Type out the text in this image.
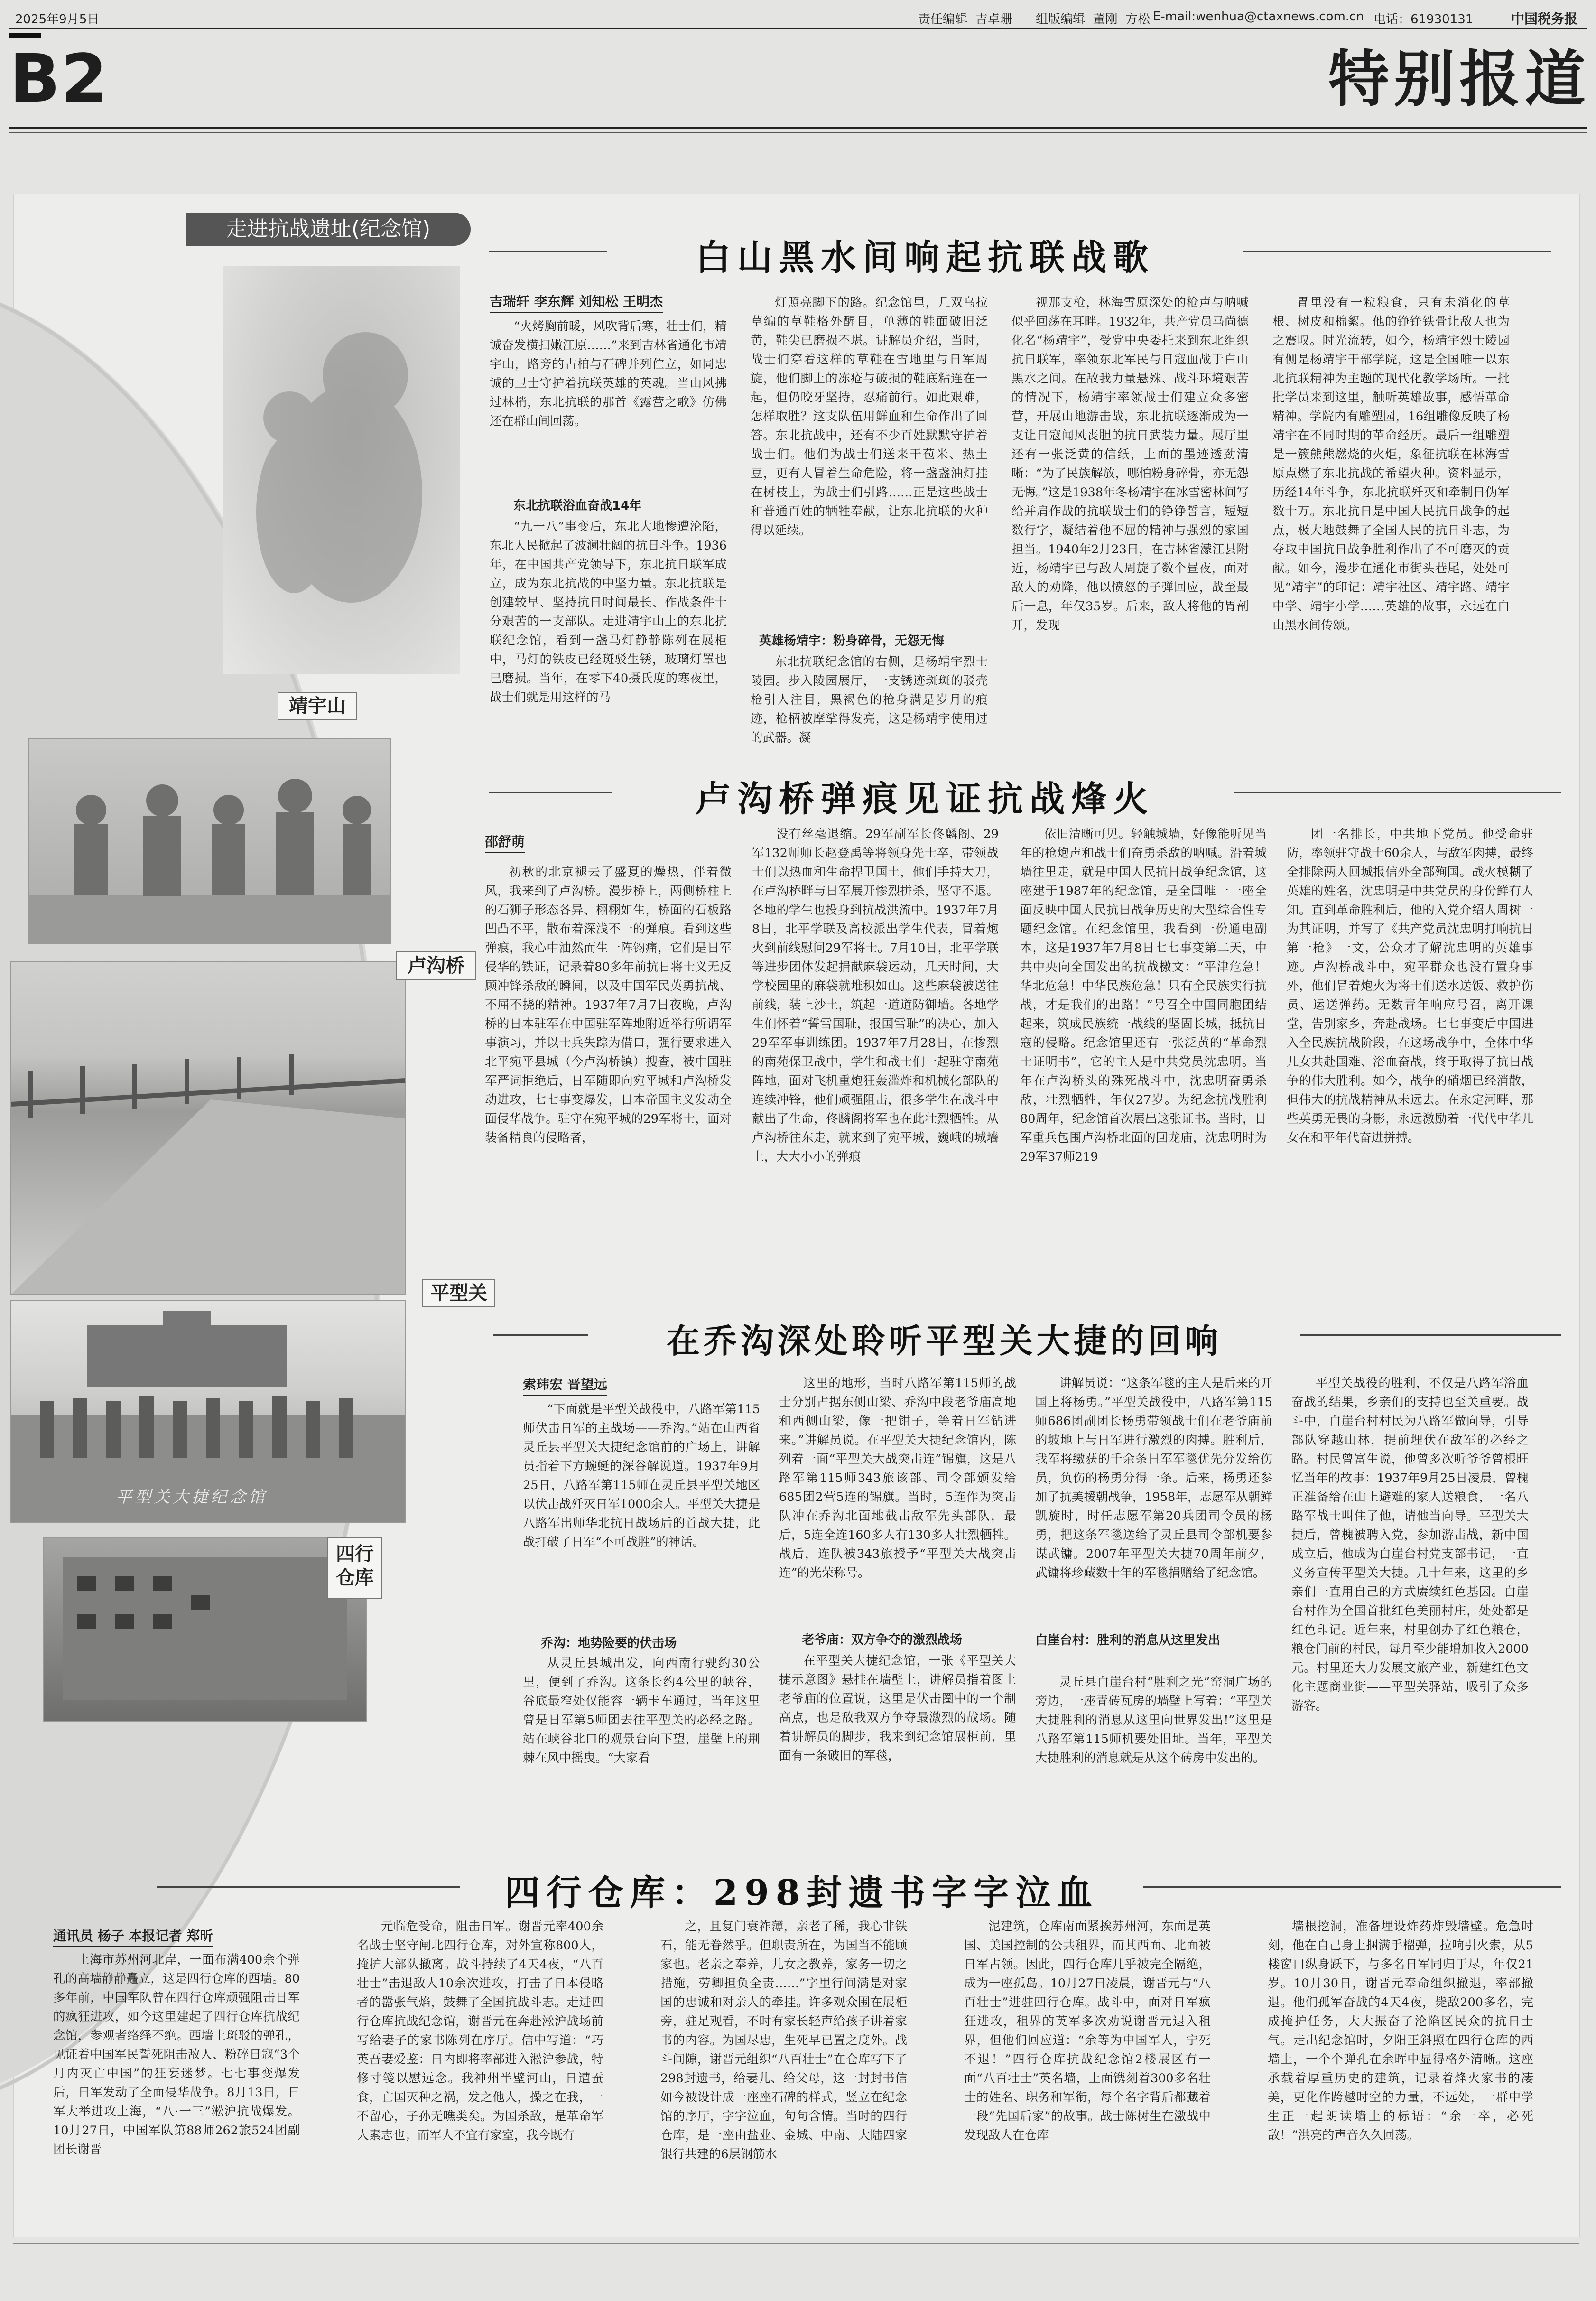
2025年9月5日	责任编辑  吉卓珊      组版编辑  董刚  方松 E-mail:wenhua@ctaxnews.com.cn 电话：61930131	中国税务报
B2	特别报道
平型关大捷纪念馆
靖宇山
卢沟桥
平型关
四行仓库
走进抗战遗址(纪念馆)
白山黑水间响起抗联战歌
吉瑞轩 李东辉 刘知松 王明杰

“火烤胸前暖，风吹背后寒，壮士们，精诚奋发横扫嫩江原……”来到吉林省通化市靖宇山，路旁的古柏与石碑并列伫立，如同忠诚的卫士守护着抗联英雄的英魂。当山风拂过林梢，东北抗联的那首《露营之歌》仿佛还在群山间回荡。

东北抗联浴血奋战14年

“九一八”事变后，东北大地惨遭沦陷，东北人民掀起了波澜壮阔的抗日斗争。1936年，在中国共产党领导下，东北抗日联军成立，成为东北抗战的中坚力量。东北抗联是创建较早、坚持抗日时间最长、作战条件十分艰苦的一支部队。走进靖宇山上的东北抗联纪念馆，看到一盏马灯静静陈列在展柜中，马灯的铁皮已经斑驳生锈，玻璃灯罩也已磨损。当年，在零下40摄氏度的寒夜里，战士们就是用这样的马

灯照亮脚下的路。纪念馆里，几双乌拉草编的草鞋格外醒目，单薄的鞋面破旧泛黄，鞋尖已磨损不堪。讲解员介绍，当时，战士们穿着这样的草鞋在雪地里与日军周旋，他们脚上的冻疮与破损的鞋底粘连在一起，但仍咬牙坚持，忍痛前行。如此艰难，怎样取胜？这支队伍用鲜血和生命作出了回答。东北抗战中，还有不少百姓默默守护着战士们。他们为战士们送来干苞米、热土豆，更有人冒着生命危险，将一盏盏油灯挂在树枝上，为战士们引路……正是这些战士和普通百姓的牺牲奉献，让东北抗联的火种得以延续。

英雄杨靖宇：粉身碎骨，无怨无悔

东北抗联纪念馆的右侧，是杨靖宇烈士陵园。步入陵园展厅，一支锈迹斑斑的驳壳枪引人注目，黑褐色的枪身满是岁月的痕迹，枪柄被摩挲得发亮，这是杨靖宇使用过的武器。凝

视那支枪，林海雪原深处的枪声与呐喊似乎回荡在耳畔。1932年，共产党员马尚德化名“杨靖宇”，受党中央委托来到东北组织抗日联军，率领东北军民与日寇血战于白山黑水之间。在敌我力量悬殊、战斗环境艰苦的情况下，杨靖宇率领战士们建立众多密营，开展山地游击战，东北抗联逐渐成为一支让日寇闻风丧胆的抗日武装力量。展厅里还有一张泛黄的信纸，上面的墨迹透劲清晰：“为了民族解放，哪怕粉身碎骨，亦无怨无悔。”这是1938年冬杨靖宇在冰雪密林间写给并肩作战的抗联战士们的铮铮誓言，短短数行字，凝结着他不屈的精神与强烈的家国担当。1940年2月23日，在吉林省濛江县附近，杨靖宇已与敌人周旋了数个昼夜，面对敌人的劝降，他以愤怒的子弹回应，战至最后一息，年仅35岁。后来，敌人将他的胃剖开，发现

胃里没有一粒粮食，只有未消化的草根、树皮和棉絮。他的铮铮铁骨让敌人也为之震叹。时光流转，如今，杨靖宇烈士陵园有侧是杨靖宇干部学院，这是全国唯一以东北抗联精神为主题的现代化教学场所。一批批学员来到这里，触听英雄故事，感悟革命精神。学院内有雕塑园，16组雕像反映了杨靖宇在不同时期的革命经历。最后一组雕塑是一簇熊熊燃烧的火炬，象征抗联在林海雪原点燃了东北抗战的希望火种。资料显示，历经14年斗争，东北抗联歼灭和牵制日伪军数十万。东北抗日是中国人民抗日战争的起点，极大地鼓舞了全国人民的抗日斗志，为夺取中国抗日战争胜利作出了不可磨灭的贡献。如今，漫步在通化市街头巷尾，处处可见“靖宇”的印记：靖宇社区、靖宇路、靖宇中学、靖宇小学……英雄的故事，永远在白山黑水间传颂。

卢沟桥弹痕见证抗战烽火
邵舒萌

初秋的北京褪去了盛夏的燥热，伴着微风，我来到了卢沟桥。漫步桥上，两侧桥柱上的石狮子形态各异、栩栩如生，桥面的石板路凹凸不平，散布着深浅不一的弹痕。看到这些弹痕，我心中油然而生一阵钧痛，它们是日军侵华的铁证，记录着80多年前抗日将士义无反顾冲锋杀敌的瞬间，以及中国军民英勇抗战、不屈不挠的精神。1937年7月7日夜晚，卢沟桥的日本驻军在中国驻军阵地附近举行所谓军事演习，并以士兵失踪为借口，强行要求进入北平宛平县城（今卢沟桥镇）搜查，被中国驻军严词拒绝后，日军随即向宛平城和卢沟桥发动进攻，七七事变爆发，日本帝国主义发动全面侵华战争。驻守在宛平城的29军将士，面对装备精良的侵略者，

没有丝毫退缩。29军副军长佟麟阁、29军132师师长赵登禹等将领身先士卒，带领战士们以热血和生命捍卫国土，他们手持大刀，在卢沟桥畔与日军展开惨烈拼杀，坚守不退。各地的学生也投身到抗战洪流中。1937年7月8日，北平学联及高校派出学生代表，冒着炮火到前线慰问29军将士。7月10日，北平学联等进步团体发起捐献麻袋运动，几天时间，大学校园里的麻袋就堆积如山。这些麻袋被送往前线，装上沙土，筑起一道道防御墙。各地学生们怀着“誓雪国耻，报国雪耻”的决心，加入29军军事训练团。1937年7月28日，在惨烈的南苑保卫战中，学生和战士们一起驻守南苑阵地，面对飞机重炮狂轰滥炸和机械化部队的连续冲锋，他们顽强阻击，很多学生在战斗中献出了生命，佟麟阁将军也在此壮烈牺牲。从卢沟桥往东走，就来到了宛平城，巍峨的城墙上，大大小小的弹痕

依旧清晰可见。轻触城墙，好像能听见当年的枪炮声和战士们奋勇杀敌的呐喊。沿着城墙往里走，就是中国人民抗日战争纪念馆，这座建于1987年的纪念馆，是全国唯一一座全面反映中国人民抗日战争历史的大型综合性专题纪念馆。在纪念馆里，我看到一份通电副本，这是1937年7月8日七七事变第二天，中共中央向全国发出的抗战檄文：“平津危急！华北危急！中华民族危急！只有全民族实行抗战，才是我们的出路！”号召全中国同胞团结起来，筑成民族统一战线的坚固长城，抵抗日寇的侵略。纪念馆里还有一张泛黄的“革命烈士证明书”，它的主人是中共党员沈忠明。当年在卢沟桥头的殊死战斗中，沈忠明奋勇杀敌，壮烈牺牲，年仅27岁。为纪念抗战胜利80周年，纪念馆首次展出这张证书。当时，日军重兵包围卢沟桥北面的回龙庙，沈忠明时为29军37师219

团一名排长，中共地下党员。他受命驻防，率领驻守战士60余人，与敌军肉搏，最终全排除两人回城报信外全部殉国。战火模糊了英雄的姓名，沈忠明是中共党员的身份鲜有人知。直到革命胜利后，他的入党介绍人周树一为其证明，并写了《共产党员沈忠明打响抗日第一枪》一文，公众才了解沈忠明的英雄事迹。卢沟桥战斗中，宛平群众也没有置身事外，他们冒着炮火为将士们送水送饭、救护伤员、运送弹药。无数青年响应号召，离开课堂，告别家乡，奔赴战场。七七事变后中国进入全民族抗战阶段，在这场战争中，全体中华儿女共赴国难、浴血奋战，终于取得了抗日战争的伟大胜利。如今，战争的硝烟已经消散，但伟大的抗战精神从未远去。在永定河畔，那些英勇无畏的身影，永远激励着一代代中华儿女在和平年代奋进拼搏。

在乔沟深处聆听平型关大捷的回响
索玮宏 晋望远

“下面就是平型关战役中，八路军第115师伏击日军的主战场——乔沟。”站在山西省灵丘县平型关大捷纪念馆前的广场上，讲解员指着下方蜿蜒的深谷解说道。1937年9月25日，八路军第115师在灵丘县平型关地区以伏击战歼灭日军1000余人。平型关大捷是八路军出师华北抗日战场后的首战大捷，此战打破了日军“不可战胜”的神话。

乔沟：地势险要的伏击场

从灵丘县城出发，向西南行驶约30公里，便到了乔沟。这条长约4公里的峡谷，谷底最窄处仅能容一辆卡车通过，当年这里曾是日军第5师团去往平型关的必经之路。站在峡谷北口的观景台向下望，崖壁上的荆棘在风中摇曳。“大家看

这里的地形，当时八路军第115师的战士分别占据东侧山梁、乔沟中段老爷庙高地和西侧山梁，像一把钳子，等着日军钻进来。”讲解员说。在平型关大捷纪念馆内，陈列着一面“平型关大战突击连”锦旗，这是八路军第115师343旅该部、司令部颁发给685团2营5连的锦旗。当时，5连作为突击队冲在乔沟北面地截击敌军先头部队，最后，5连全连160多人有130多人壮烈牺牲。战后，连队被343旅授予“平型关大战突击连”的光荣称号。

老爷庙：双方争夺的激烈战场

在平型关大捷纪念馆，一张《平型关大捷示意图》悬挂在墙壁上，讲解员指着图上老爷庙的位置说，这里是伏击圈中的一个制高点，也是敌我双方争夺最激烈的战场。随着讲解员的脚步，我来到纪念馆展柜前，里面有一条破旧的军毯，

讲解员说：“这条军毯的主人是后来的开国上将杨勇。”平型关战役中，八路军第115师686团副团长杨勇带领战士们在老爷庙前的坡地上与日军进行激烈的肉搏。胜利后，我军将缴获的千余条日军军毯优先分发给伤员，负伤的杨勇分得一条。后来，杨勇还参加了抗美援朝战争，1958年，志愿军从朝鲜凯旋时，时任志愿军第20兵团司令员的杨勇，把这条军毯送给了灵丘县司令部机要参谋武镛。2007年平型关大捷70周年前夕，武镛将珍藏数十年的军毯捐赠给了纪念馆。

白崖台村：胜利的消息从这里发出

灵丘县白崖台村“胜利之光”窑洞广场的旁边，一座青砖瓦房的墙壁上写着：“平型关大捷胜利的消息从这里向世界发出!”这里是八路军第115师机要处旧址。当年，平型关大捷胜利的消息就是从这个砖房中发出的。

平型关战役的胜利，不仅是八路军浴血奋战的结果，乡亲们的支持也至关重要。战斗中，白崖台村村民为八路军做向导，引导部队穿越山林，提前埋伏在敌军的必经之路。村民曾富生说，他曾多次听爷爷曾根旺忆当年的故事：1937年9月25日凌晨，曾槐正准备给在山上避难的家人送粮食，一名八路军战士叫住了他，请他当向导。平型关大捷后，曾槐被聘入党，参加游击战，新中国成立后，他成为白崖台村党支部书记，一直义务宣传平型关大捷。几十年来，这里的乡亲们一直用自己的方式赓续红色基因。白崖台村作为全国首批红色美丽村庄，处处都是红色印记。近年来，村里创办了红色粮仓，粮仓门前的村民，每月至少能增加收入2000元。村里还大力发展文旅产业，新建红色文化主题商业街——平型关驿站，吸引了众多游客。

四行仓库：298封遗书字字泣血
通讯员 杨子 本报记者 郑昕

上海市苏州河北岸，一面布满400余个弹孔的高墙静静矗立，这是四行仓库的西墙。80多年前，中国军队曾在四行仓库顽强阻击日军的疯狂进攻，如今这里建起了四行仓库抗战纪念馆，参观者络绎不绝。西墙上斑驳的弹孔，见证着中国军民誓死阻击敌人、粉碎日寇“3个月内灭亡中国”的狂妄迷梦。七七事变爆发后，日军发动了全面侵华战争。8月13日，日军大举进攻上海，“八·一三”淞沪抗战爆发。10月27日，中国军队第88师262旅524团副团长谢晋

元临危受命，阻击日军。谢晋元率400余名战士坚守闸北四行仓库，对外宣称800人，掩护大部队撤离。战斗持续了4天4夜，“八百壮士”击退敌人10余次进攻，打击了日本侵略者的嚣张气焰，鼓舞了全国抗战斗志。走进四行仓库抗战纪念馆，谢晋元在奔赴淞沪战场前写给妻子的家书陈列在序厅。信中写道：“巧英吾妻爱鉴：日内即将率部进入淞沪参战，特修寸笺以慰远念。我神州半壁河山，日遭蚕食，亡国灭种之祸，发之他人，操之在我，一不留心，子孙无噍类矣。为国杀敌，是革命军人素志也；而军人不宜有家室，我今既有

之，且复门衰祚薄，亲老了稀，我心非铁石，能无眷然乎。但职责所在，为国当不能顾家也。老亲之奉养，儿女之教养，家务一切之措施，劳卿担负全责……”字里行间满是对家国的忠诚和对亲人的牵挂。许多观众围在展柜旁，驻足观看，不时有家长轻声给孩子讲着家书的内容。为国尽忠，生死早已置之度外。战斗间隙，谢晋元组织“八百壮士”在仓库写下了298封遗书，给妻儿、给父母，这一封封书信如今被设计成一座座石碑的样式，竖立在纪念馆的序厅，字字泣血，句句含情。当时的四行仓库，是一座由盐业、金城、中南、大陆四家银行共建的6层钢筋水

泥建筑，仓库南面紧挨苏州河，东面是英国、美国控制的公共租界，而其西面、北面被日军占领。因此，四行仓库几乎被完全隔绝，成为一座孤岛。10月27日凌晨，谢晋元与“八百壮士”进驻四行仓库。战斗中，面对日军疯狂进攻，租界的英军多次劝说谢晋元退入租界，但他们回应道：“余等为中国军人，宁死不退！”四行仓库抗战纪念馆2楼展区有一面“八百壮士”英名墙，上面镌刻着300多名壮士的姓名、职务和军衔，每个名字背后都藏着一段“先国后家”的故事。战士陈树生在激战中发现敌人在仓库

墙根挖洞，准备埋设炸药炸毁墙壁。危急时刻，他在自己身上捆满手榴弹，拉响引火索，从5楼窗口纵身跃下，与多名日军同归于尽，年仅21岁。10月30日，谢晋元奉命组织撤退，率部撤退。他们孤军奋战的4天4夜，毙敌200多名，完成掩护任务，大大振奋了沦陷区民众的抗日士气。走出纪念馆时，夕阳正斜照在四行仓库的西墙上，一个个弹孔在余晖中显得格外清晰。这座承载着厚重历史的建筑，记录着烽火家书的凄美，更化作跨越时空的力量，不远处，一群中学生正一起朗读墙上的标语：“余一卒，必死敌！”洪亮的声音久久回荡。
